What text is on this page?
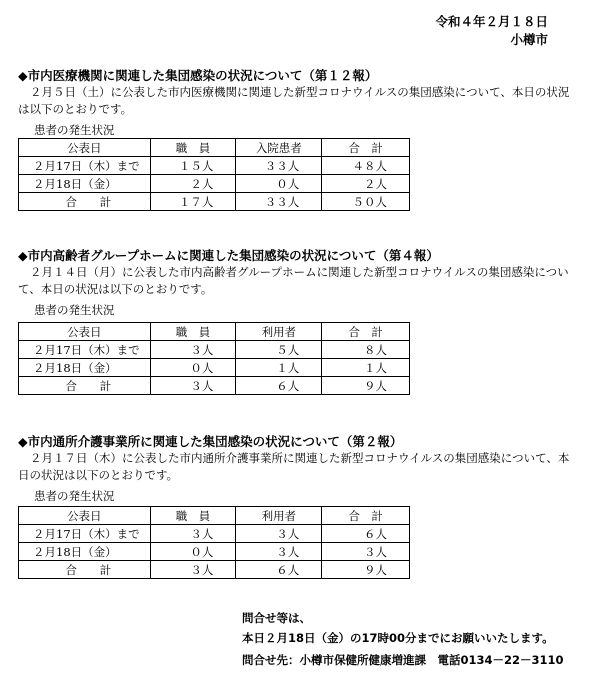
令和４年２月１８日
小樽市
◆市内医療機関に関連した集団感染の状況について（第１２報）
２月５日（土）に公表した市内医療機関に関連した新型コロナウイルスの集団感染について、本日の状況は以下のとおりです。
患者の発生状況
公表日	職　員	入院患者	合　計
２月17日（木）まで	１５人	３３人	４８人
２月18日（金）	２人	０人	２人
合　　計	１７人	３３人	５０人
◆市内高齢者グループホームに関連した集団感染の状況について（第４報）
２月１４日（月）に公表した市内高齢者グループホームに関連した新型コロナウイルスの集団感染について、本日の状況は以下のとおりです。
患者の発生状況
公表日	職　員	利用者	合　計
２月17日（木）まで	３人	５人	８人
２月18日（金）	０人	１人	１人
合　　計	３人	６人	９人
◆市内通所介護事業所に関連した集団感染の状況について（第２報）
２月１７日（木）に公表した市内通所介護事業所に関連した新型コロナウイルスの集団感染について、本日の状況は以下のとおりです。
患者の発生状況
公表日	職　員	利用者	合　計
２月17日（木）まで	３人	３人	６人
２月18日（金）	０人	３人	３人
合　　計	３人	６人	９人
問合せ等は、
本日２月18日（金）の17時00分までにお願いいたします。
問合せ先：小樽市保健所健康増進課　電話0134－22－3110
